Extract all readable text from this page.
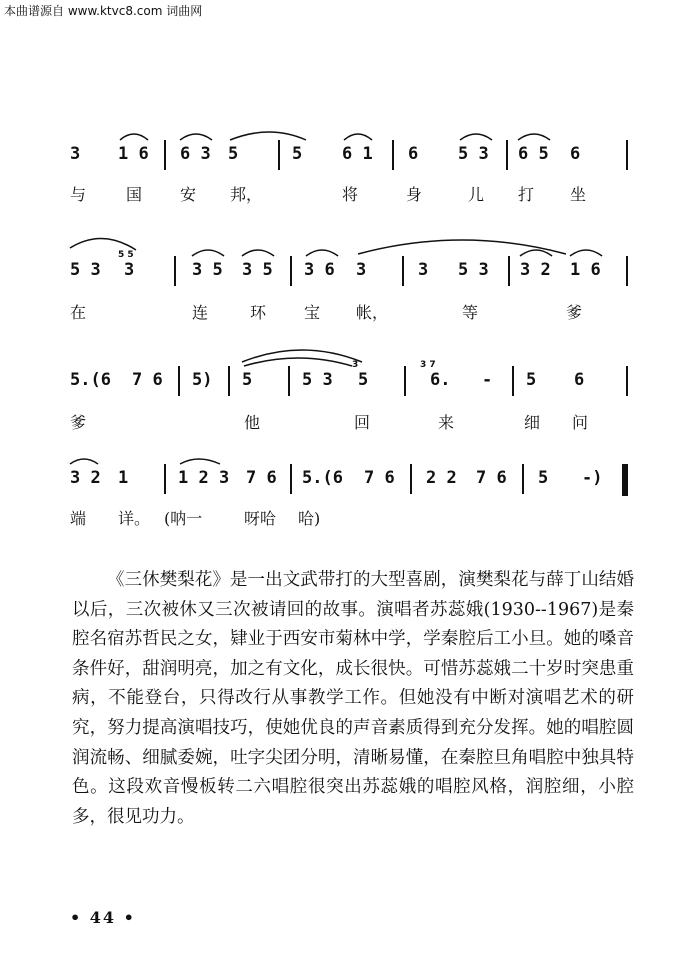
本曲谱源自 www.ktvc8.com 词曲网
3 1 6 6 3 5	5 6 1 6 5 3 6 5 6
与 国 安 邦，	将	身	儿 打 坐
5 3
5 5
3	3 5 3 5 3 6 3	3 5 3 3 2 1 6
在	连	环 宝 帐，	等	爹
5.(6 7 6 5) 5	5 3
3
5
3 7
6. - 5 6
爹	他	回	来	细 问
3 2 1	1 2 3 7 6 5.(6 7 6 2 2 7 6 5 -)
端 详。 (呐一	呀哈 哈)

《三休樊梨花》是一出文武带打的大型喜剧，演樊梨花与薛丁山结婚以后，三次被休又三次被请回的故事。演唱者苏蕊娥(1930--1967)是秦腔名宿苏哲民之女，肄业于西安市菊林中学，学秦腔后工小旦。她的嗓音条件好，甜润明亮，加之有文化，成长很快。可惜苏蕊娥二十岁时突患重病，不能登台，只得改行从事教学工作。但她没有中断对演唱艺术的研究，努力提高演唱技巧，使她优良的声音素质得到充分发挥。她的唱腔圆润流畅、细腻委婉，吐字尖团分明，清晰易懂，在秦腔旦角唱腔中独具特色。这段欢音慢板转二六唱腔很突出苏蕊娥的唱腔风格，润腔细，小腔多，很见功力。

• 44 •
